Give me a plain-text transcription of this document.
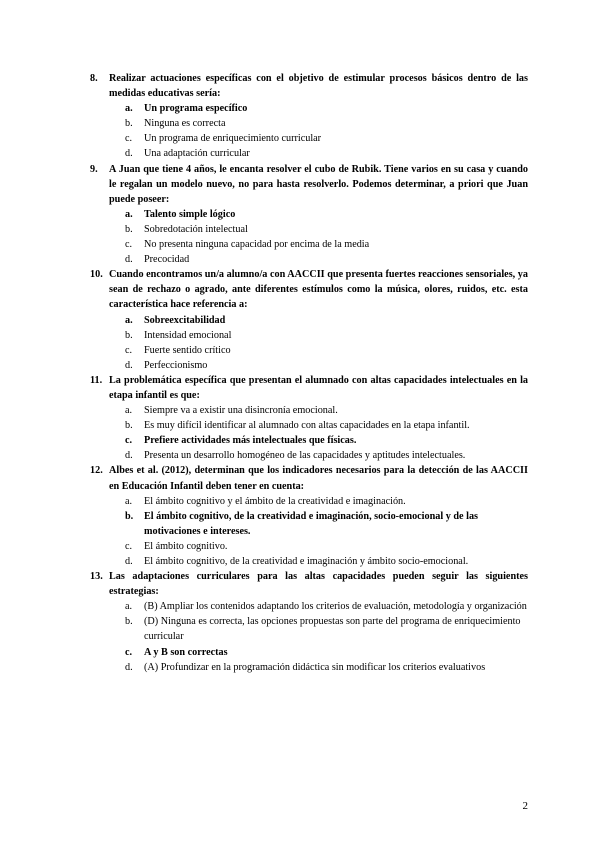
8.	Realizar actuaciones específicas con el objetivo de estimular procesos básicos dentro de las medidas educativas sería:
a.	Un programa específico
b.	Ninguna es correcta
c.	Un programa de enriquecimiento curricular
d.	Una adaptación curricular
9.	A Juan que tiene 4 años, le encanta resolver el cubo de Rubik. Tiene varios en su casa y cuando le regalan un modelo nuevo, no para hasta resolverlo. Podemos determinar, a priori que Juan puede poseer:
a.	Talento simple lógico
b.	Sobredotación intelectual
c.	No presenta ninguna capacidad por encima de la media
d.	Precocidad
10. Cuando encontramos un/a alumno/a con AACCII que presenta fuertes reacciones sensoriales, ya sean de rechazo o agrado, ante diferentes estímulos como la música, olores, ruidos, etc. esta característica hace referencia a:
a.	Sobreexcitabilidad
b.	Intensidad emocional
c.	Fuerte sentido crítico
d.	Perfeccionismo
11. La problemática específica que presentan el alumnado con altas capacidades intelectuales en la etapa infantil es que:
a.	Siempre va a existir una disincronía emocional.
b.	Es muy difícil identificar al alumnado con altas capacidades en la etapa infantil.
c.	Prefiere actividades más intelectuales que físicas.
d.	Presenta un desarrollo homogéneo de las capacidades y aptitudes intelectuales.
12. Albes et al. (2012), determinan que los indicadores necesarios para la detección de las AACCII en Educación Infantil deben tener en cuenta:
a.	El ámbito cognitivo y el ámbito de la creatividad e imaginación.
b.	El ámbito cognitivo, de la creatividad e imaginación, socio-emocional y de las motivaciones e intereses.
c.	El ámbito cognitivo.
d.	El ámbito cognitivo, de la creatividad e imaginación y ámbito socio-emocional.
13. Las adaptaciones curriculares para las altas capacidades pueden seguir las siguientes estrategias:
a.	(B) Ampliar los contenidos adaptando los criterios de evaluación, metodología y organización
b.	(D) Ninguna es correcta, las opciones propuestas son parte del programa de enriquecimiento curricular
c.	A y B son correctas
d.	(A) Profundizar en la programación didáctica sin modificar los criterios evaluativos
2
